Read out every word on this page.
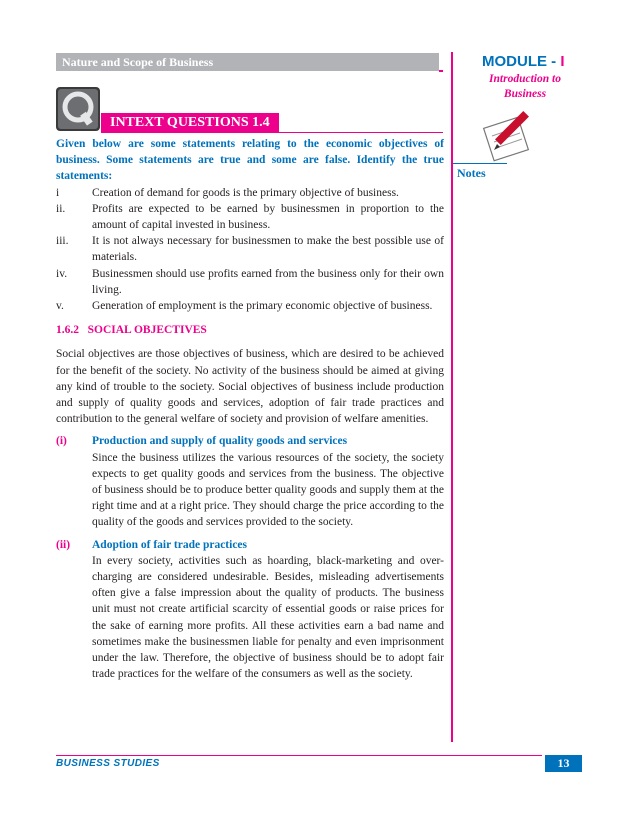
Nature and Scope of Business	MODULE - I
Introduction to Business
Notes
INTEXT QUESTIONS 1.4

Given below are some statements relating to the economic objectives of business. Some statements are true and some are false. Identify the true statements:

i	Creation of demand for goods is the primary objective of business.
ii.	Profits are expected to be earned by businessmen in proportion to the amount of capital invested in business.
iii.	It is not always necessary for businessmen to make the best possible use of materials.
iv.	Businessmen should use profits earned from the business only for their own living.
v.	Generation of employment is the primary economic objective of business.

1.6.2   SOCIAL OBJECTIVES

Social objectives are those objectives of business, which are desired to be achieved for the benefit of the society. No activity of the business should be aimed at giving any kind of trouble to the society. Social objectives of business include production and supply of quality goods and services, adoption of fair trade practices and contribution to the general welfare of society and provision of welfare amenities.

(i)	Production and supply of quality goods and services
Since the business utilizes the various resources of the society, the society expects to get quality goods and services from the business. The objective of business should be to produce better quality goods and supply them at the right time and at a right price. They should charge the price according to the quality of the goods and services provided to the society.
(ii)	Adoption of fair trade practices
In every society, activities such as hoarding, black-marketing and over-charging are considered undesirable. Besides, misleading advertisements often give a false impression about the quality of products. The business unit must not create artificial scarcity of essential goods or raise prices for the sake of earning more profits. All these activities earn a bad name and sometimes make the businessmen liable for penalty and even imprisonment under the law. Therefore, the objective of business should be to adopt fair trade practices for the welfare of the consumers as well as the society.
BUSINESS STUDIES	13
